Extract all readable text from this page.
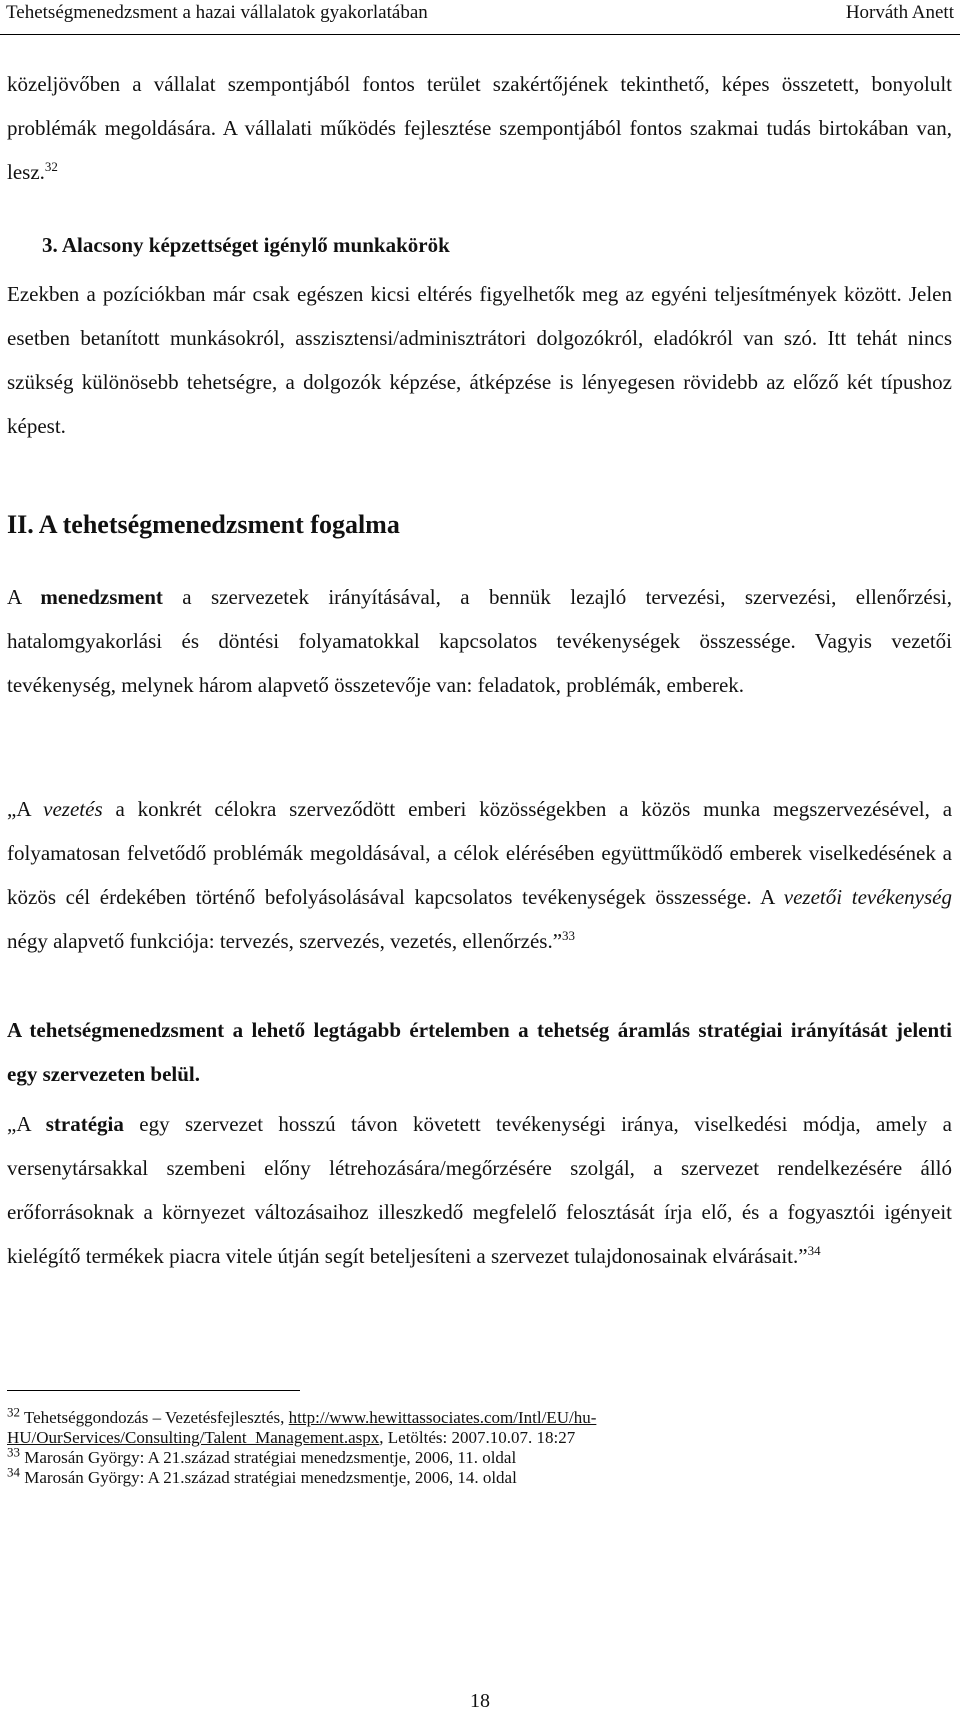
Tehetségmenedzsment a hazai vállalatok gyakorlatában	Horváth Anett
közeljövőben a vállalat szempontjából fontos terület szakértőjének tekinthető, képes összetett, bonyolult problémák megoldására. A vállalati működés fejlesztése szempontjából fontos szakmai tudás birtokában van, lesz.$^{32}$
3. Alacsony képzettséget igénylő munkakörök
Ezekben a pozíciókban már csak egészen kicsi eltérés figyelhetők meg az egyéni teljesítmények között. Jelen esetben betanított munkásokról, asszisztensi/adminisztrátori dolgozókról, eladókról van szó. Itt tehát nincs szükség különösebb tehetségre, a dolgozók képzése, átképzése is lényegesen rövidebb az előző két típushoz képest.
II. A tehetségmenedzsment fogalma
A menedzsment a szervezetek irányításával, a bennük lezajló tervezési, szervezési, ellenőrzési, hatalomgyakorlási és döntési folyamatokkal kapcsolatos tevékenységek összessége. Vagyis vezetői tevékenység, melynek három alapvető összetevője van: feladatok, problémák, emberek.
„A vezetés a konkrét célokra szerveződött emberi közösségekben a közös munka megszervezésével, a folyamatosan felvetődő problémák megoldásával, a célok elérésében együttműködő emberek viselkedésének a közös cél érdekében történő befolyásolásával kapcsolatos tevékenységek összessége. A vezetői tevékenység négy alapvető funkciója: tervezés, szervezés, vezetés, ellenőrzés.”$^{33}$
A tehetségmenedzsment a lehető legtágabb értelemben a tehetség áramlás stratégiai irányítását jelenti egy szervezeten belül.
„A stratégia egy szervezet hosszú távon követett tevékenységi iránya, viselkedési módja, amely a versenytársakkal szembeni előny létrehozására/megőrzésére szolgál, a szervezet rendelkezésére álló erőforrásoknak a környezet változásaihoz illeszkedő megfelelő felosztását írja elő, és a fogyasztói igényeit kielégítő termékek piacra vitele útján segít beteljesíteni a szervezet tulajdonosainak elvárásait.”$^{34}$
$^{32}$ Tehetséggondozás – Vezetésfejlesztés, http://www.hewittassociates.com/Intl/EU/hu-HU/OurServices/Consulting/Talent_Management.aspx, Letöltés: 2007.10.07. 18:27
$^{33}$ Marosán György: A 21.század stratégiai menedzsmentje, 2006, 11. oldal
$^{34}$ Marosán György: A 21.század stratégiai menedzsmentje, 2006, 14. oldal
18
